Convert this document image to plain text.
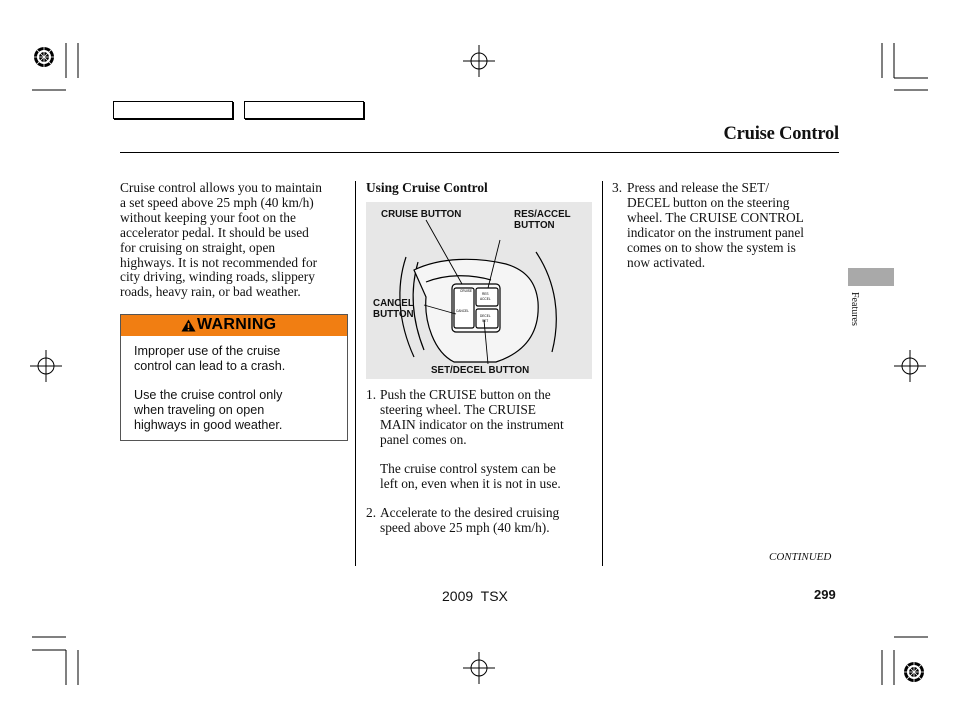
Cruise Control
Cruise control allows you to maintain
a set speed above 25 mph (40 km/h)
without keeping your foot on the
accelerator pedal. It should be used
for cruising on straight, open
highways. It is not recommended for
city driving, winding roads, slippery
roads, heavy rain, or bad weather.
WARNING
Improper use of the cruise
control can lead to a crash.
Use the cruise control only
when traveling on open
highways in good weather.
Using Cruise Control
CRUISE
RES
ACCEL
CANCEL
DECEL
SET
CRUISE BUTTON	RES/ACCEL
BUTTON
CANCEL
BUTTON
SET/DECEL BUTTON
1. Push the CRUISE button on the
steering wheel. The CRUISE
MAIN indicator on the instrument
panel comes on.
The cruise control system can be
left on, even when it is not in use.
2. Accelerate to the desired cruising
speed above 25 mph (40 km/h).
3. Press and release the SET/
DECEL button on the steering
wheel. The CRUISE CONTROL
indicator on the instrument panel
comes on to show the system is
now activated.
Features
CONTINUED
2009  TSX	299
